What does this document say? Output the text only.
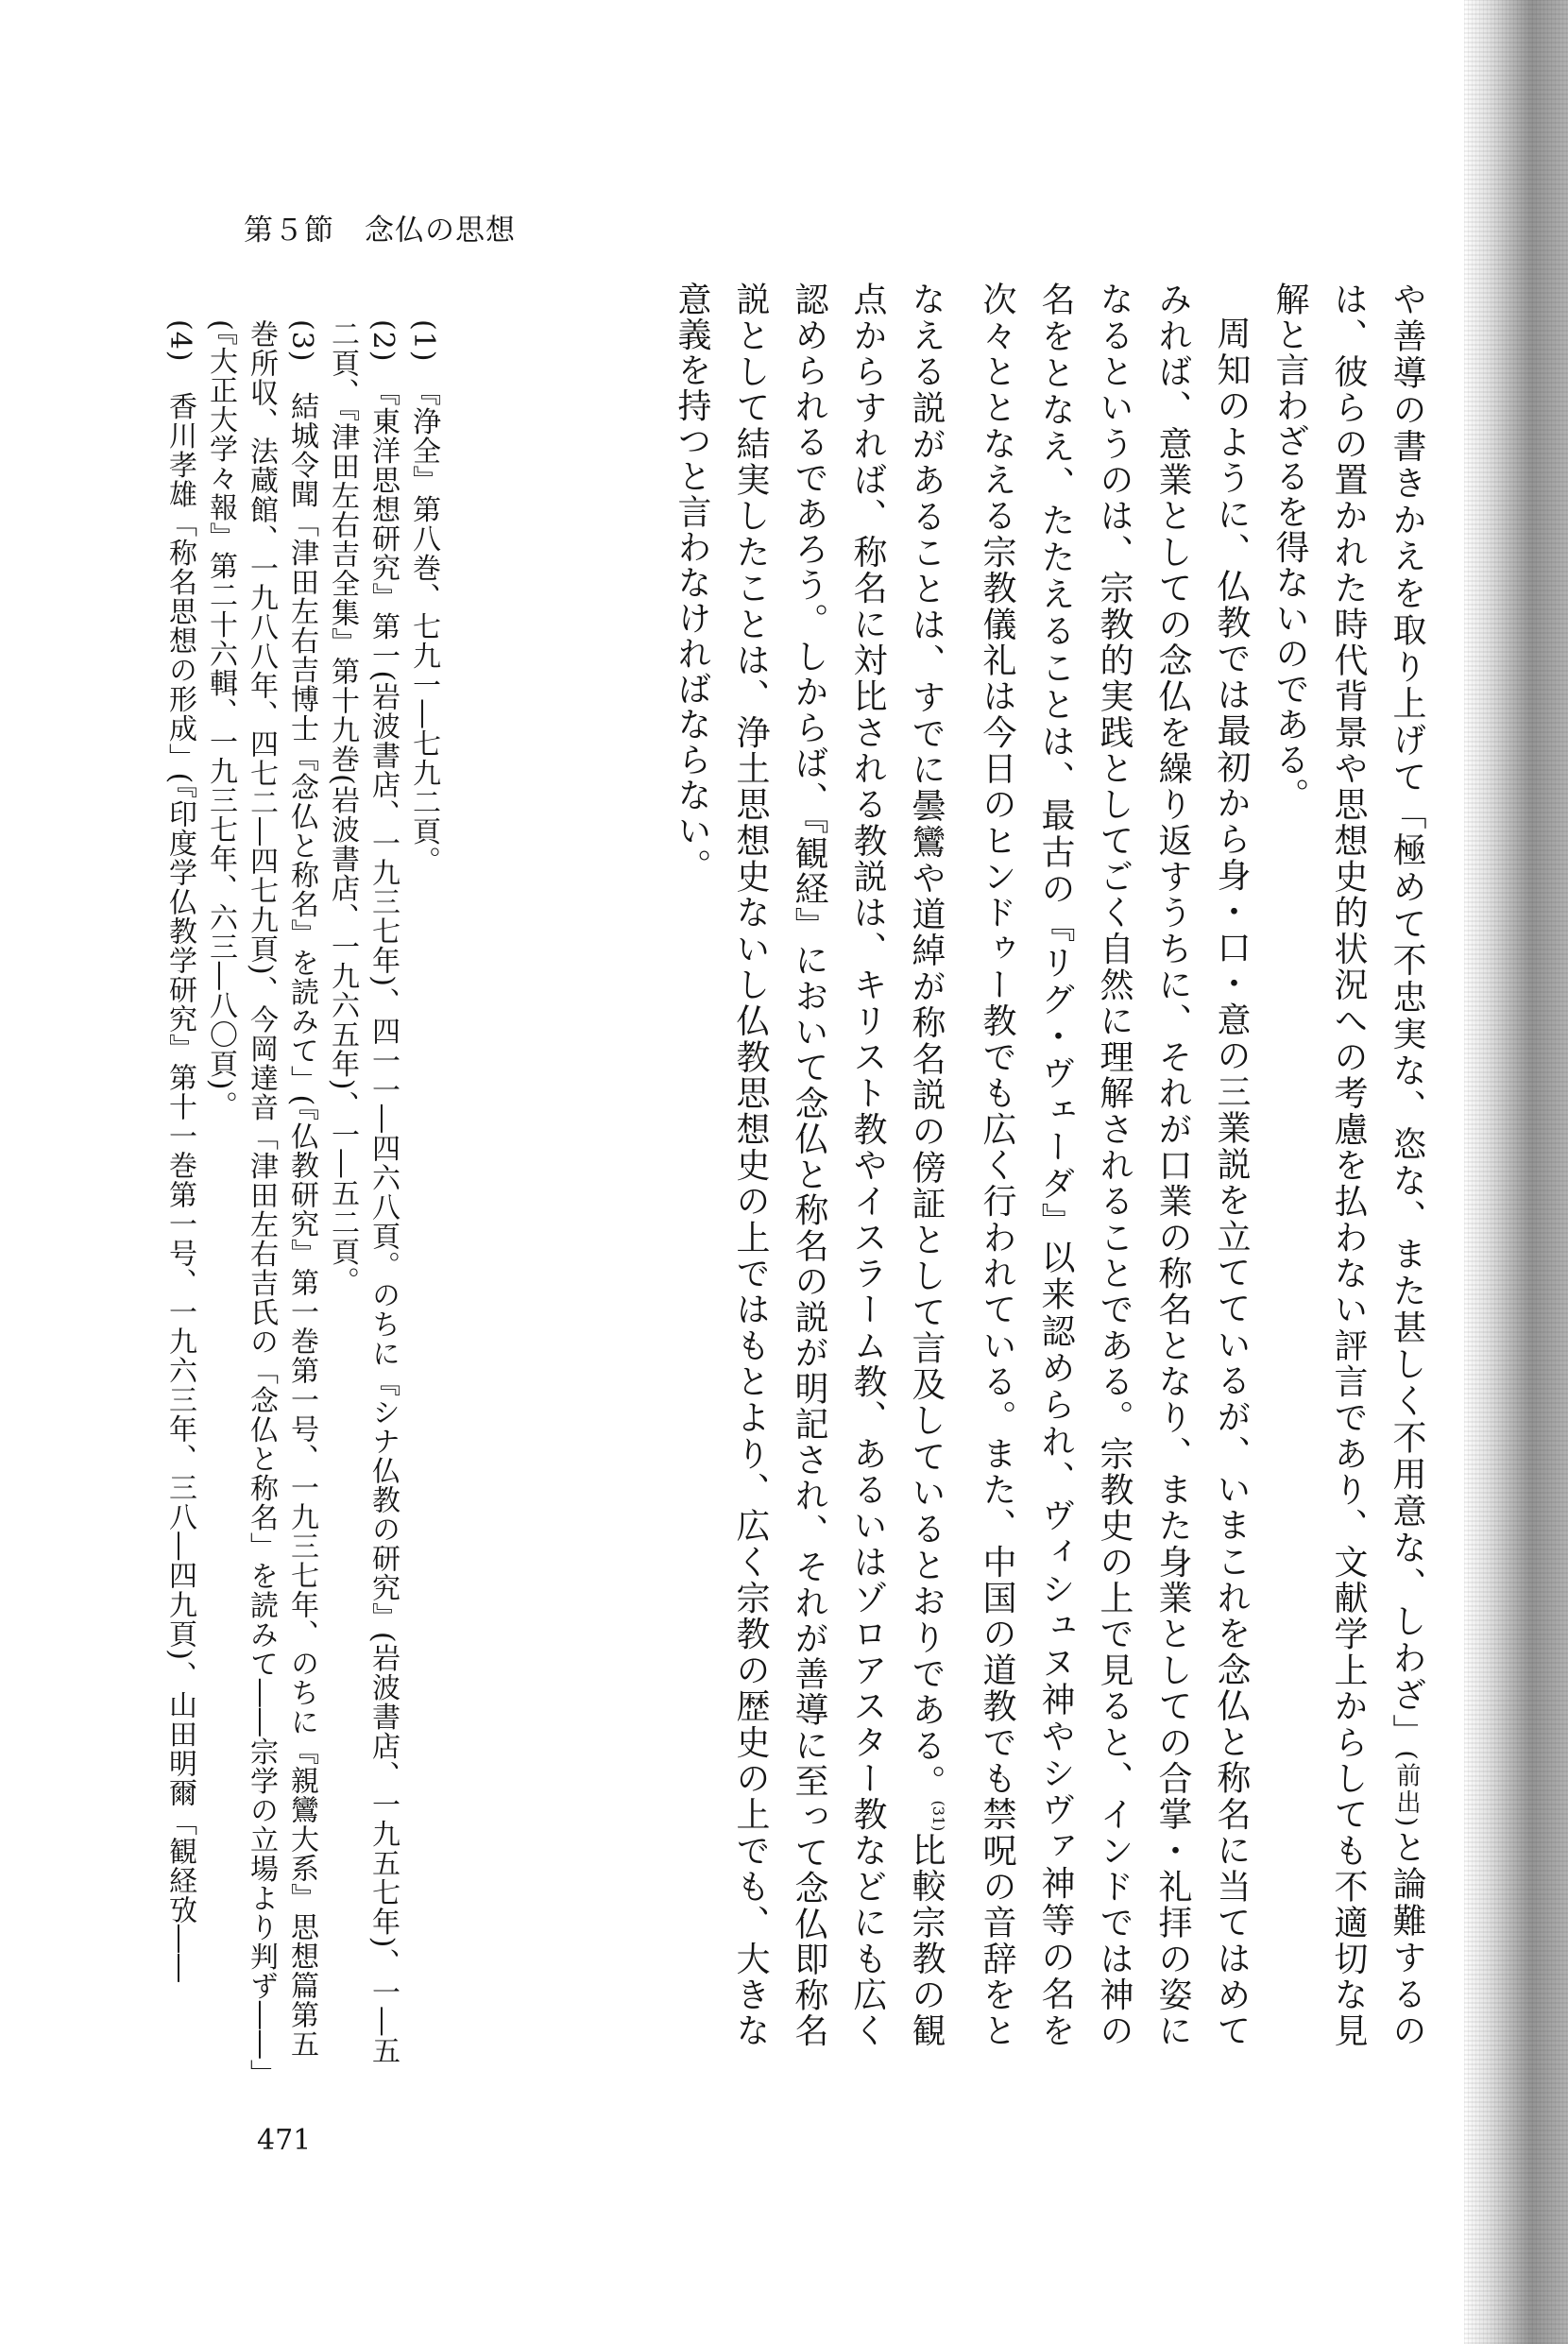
第５節　念仏の思想

や善導の書きかえを取り上げて「極めて不忠実な、恣な、また甚しく不用意な、しわざ」(前出)と論難するのは、彼らの置かれた時代背景や思想史的状況への考慮を払わない評言であり、文献学上からしても不適切な見解と言わざるを得ないのである。

周知のように、仏教では最初から身・口・意の三業説を立てているが、いまこれを念仏と称名に当てはめてみれば、意業としての念仏を繰り返すうちに、それが口業の称名となり、また身業としての合掌・礼拝の姿になるというのは、宗教的実践としてごく自然に理解されることである。宗教史の上で見ると、インドでは神の名をとなえ、たたえることは、最古の『リグ・ヴェーダ』以来認められ、ヴィシュヌ神やシヴァ神等の名を次々ととなえる宗教儀礼は今日のヒンドゥー教でも広く行われている。また、中国の道教でも禁呪の音辞をとなえる説があることは、すでに曇鸞や道綽が称名説の傍証として言及しているとおりである。$^{(31)}$比較宗教の観点からすれば、称名に対比される教説は、キリスト教やイスラーム教、あるいはゾロアスター教などにも広く認められるであろう。しからば、『観経』において念仏と称名の説が明記され、それが善導に至って念仏即称名説として結実したことは、浄土思想史ないし仏教思想史の上ではもとより、広く宗教の歴史の上でも、大きな意義を持つと言わなければならない。

(1)　『浄全』第八巻、七九一―七九二頁。

(2)　『東洋思想研究』第一(岩波書店、一九三七年)、四一一―四六八頁。のちに『シナ仏教の研究』(岩波書店、一九五七年)、一―五二頁、『津田左右吉全集』第十九巻(岩波書店、一九六五年)、一―五二頁。

(3)　結城令聞「津田左右吉博士『念仏と称名』を読みて」(『仏教研究』第一巻第一号、一九三七年、のちに『親鸞大系』思想篇第五巻所収、法蔵館、一九八八年、四七二―四七九頁)、今岡達音「津田左右吉氏の「念仏と称名」を読みて――宗学の立場より判ず――」(『大正大学々報』第二十六輯、一九三七年、六三―八〇頁)。

(4)　香川孝雄「称名思想の形成」(『印度学仏教学研究』第十一巻第一号、一九六三年、三八―四九頁)、山田明爾「観経攷――

471
